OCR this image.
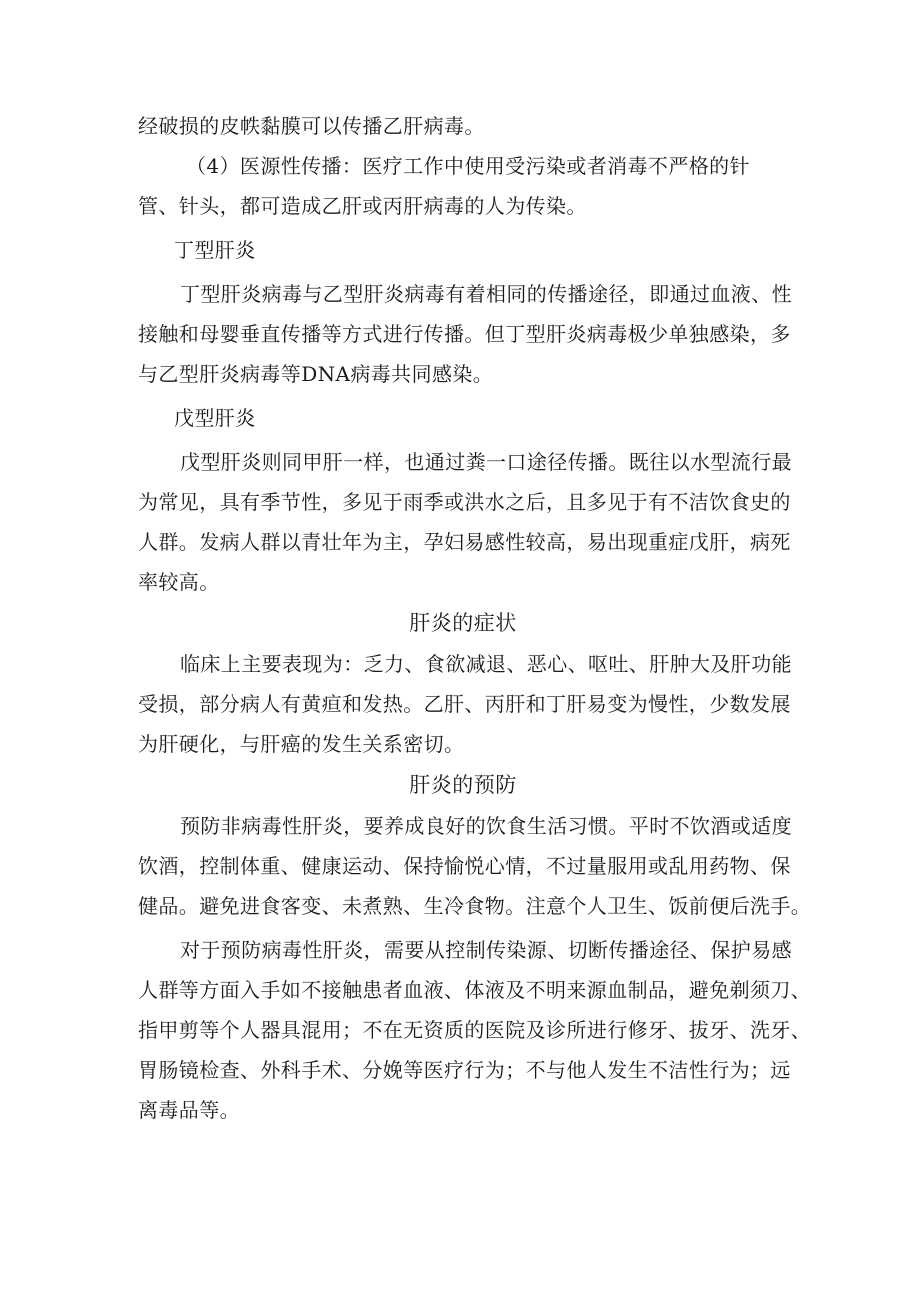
经破损的皮帙黏膜可以传播乙肝病毒。
（4）医源性传播：医疗工作中使用受污染或者消毒不严格的针
管、针头，都可造成乙肝或丙肝病毒的人为传染。
丁型肝炎
丁型肝炎病毒与乙型肝炎病毒有着相同的传播途径，即通过血液、性
接触和母婴垂直传播等方式进行传播。但丁型肝炎病毒极少单独感染，多
与乙型肝炎病毒等DNA病毒共同感染。
戊型肝炎
戊型肝炎则同甲肝一样，也通过粪一口途径传播。既往以水型流行最
为常见，具有季节性，多见于雨季或洪水之后，且多见于有不洁饮食史的
人群。发病人群以青壮年为主，孕妇易感性较高，易出现重症戊肝，病死
率较高。
肝炎的症状
临床上主要表现为：乏力、食欲减退、恶心、呕吐、肝肿大及肝功能
受损，部分病人有黄疸和发热。乙肝、丙肝和丁肝易变为慢性，少数发展
为肝硬化，与肝癌的发生关系密切。
肝炎的预防
预防非病毒性肝炎，要养成良好的饮食生活习惯。平时不饮酒或适度
饮酒，控制体重、健康运动、保持愉悦心情，不过量服用或乱用药物、保
健品。避免进食客变、未煮熟、生冷食物。注意个人卫生、饭前便后洗手。
对于预防病毒性肝炎，需要从控制传染源、切断传播途径、保护易感
人群等方面入手如不接触患者血液、体液及不明来源血制品，避免剃须刀、
指甲剪等个人器具混用；不在无资质的医院及诊所进行修牙、拔牙、洗牙、
胃肠镜检查、外科手术、分娩等医疗行为；不与他人发生不洁性行为；远
离毒品等。
